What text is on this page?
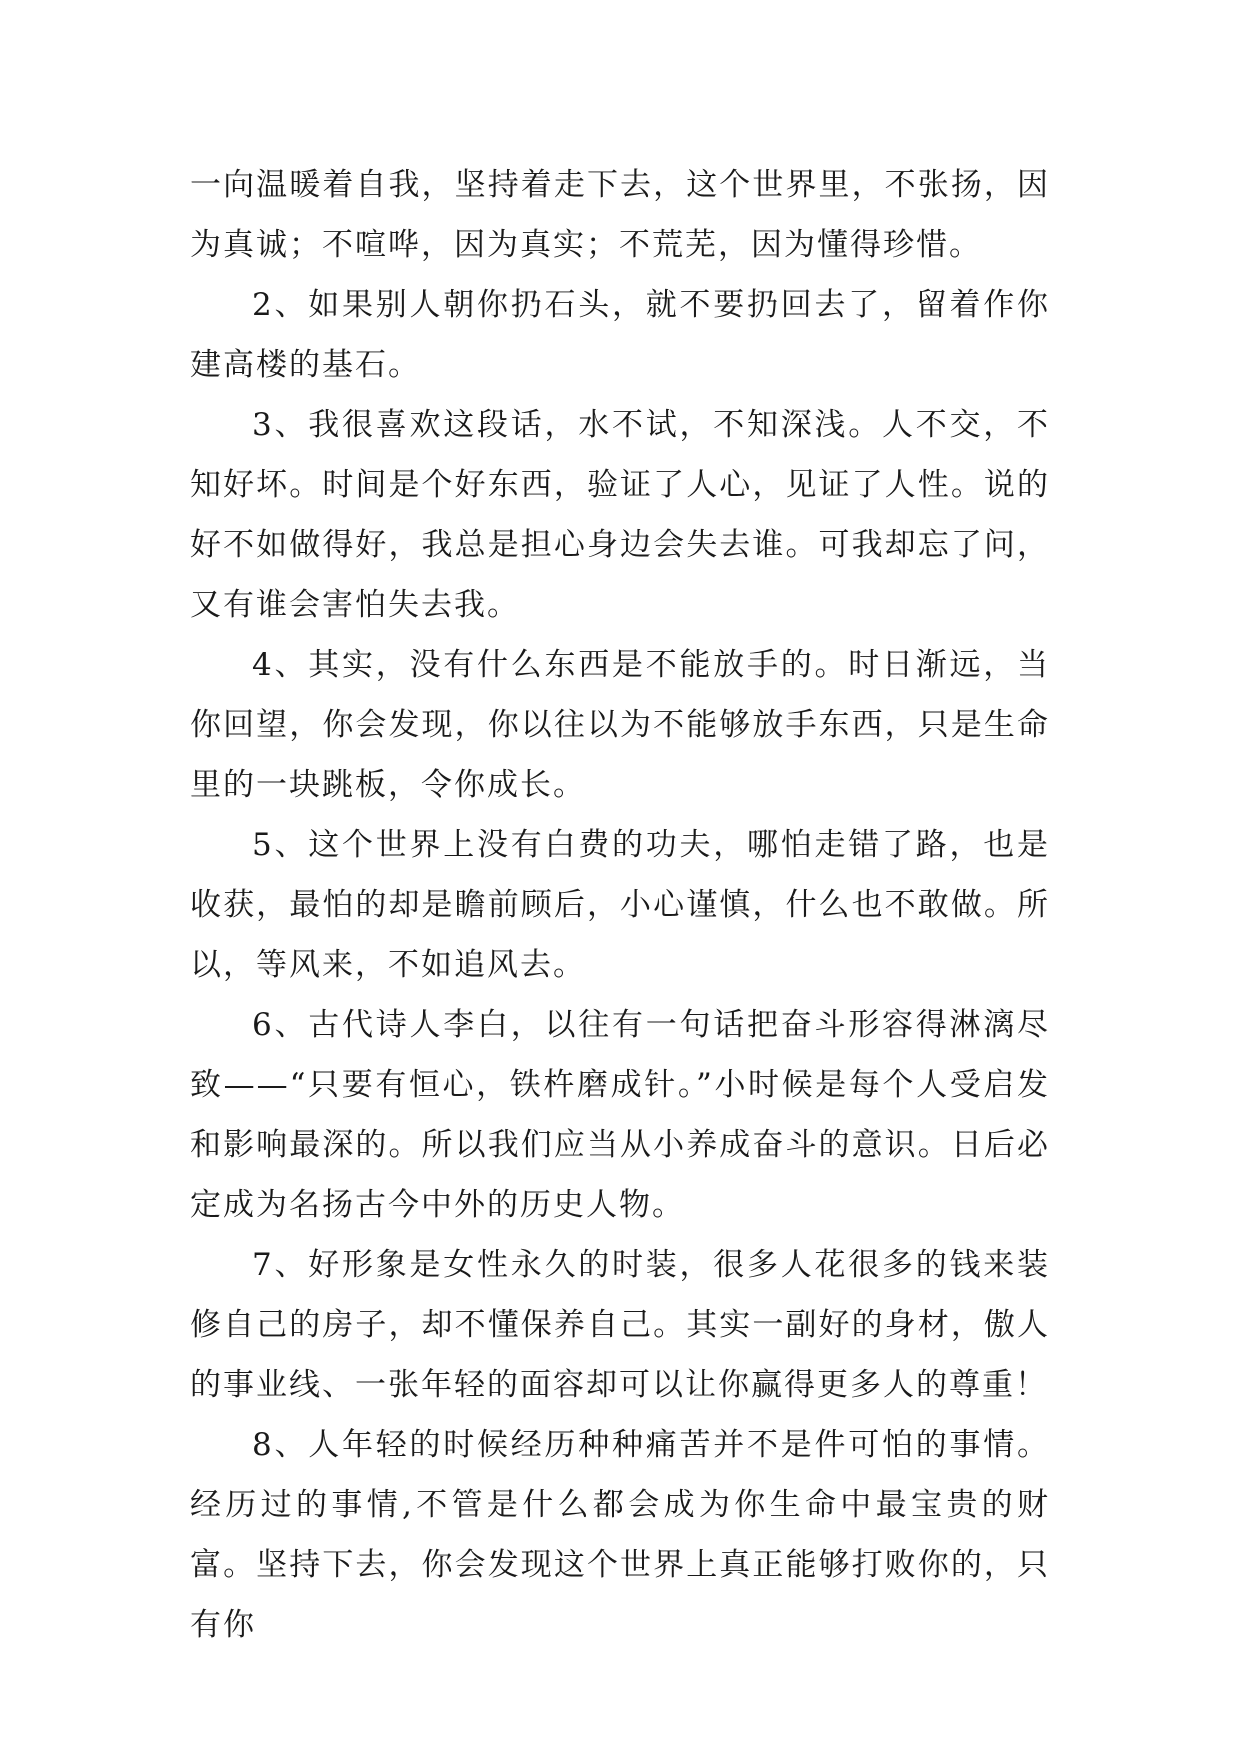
一向温暖着自我，坚持着走下去，这个世界里，不张扬，因为真诚；不喧哗，因为真实；不荒芜，因为懂得珍惜。

2、如果别人朝你扔石头，就不要扔回去了，留着作你建高楼的基石。

3、我很喜欢这段话，水不试，不知深浅。人不交，不知好坏。时间是个好东西，验证了人心，见证了人性。说的好不如做得好，我总是担心身边会失去谁。可我却忘了问，又有谁会害怕失去我。

4、其实，没有什么东西是不能放手的。时日渐远，当你回望，你会发现，你以往以为不能够放手东西，只是生命里的一块跳板，令你成长。

5、这个世界上没有白费的功夫，哪怕走错了路，也是收获，最怕的却是瞻前顾后，小心谨慎，什么也不敢做。所以，等风来，不如追风去。

6、古代诗人李白，以往有一句话把奋斗形容得淋漓尽致——“只要有恒心，铁杵磨成针。”小时候是每个人受启发和影响最深的。所以我们应当从小养成奋斗的意识。日后必定成为名扬古今中外的历史人物。

7、好形象是女性永久的时装，很多人花很多的钱来装修自己的房子，却不懂保养自己。其实一副好的身材，傲人的事业线、一张年轻的面容却可以让你赢得更多人的尊重！

8、人年轻的时候经历种种痛苦并不是件可怕的事情。经历过的事情,不管是什么都会成为你生命中最宝贵的财富。坚持下去，你会发现这个世界上真正能够打败你的，只有你
